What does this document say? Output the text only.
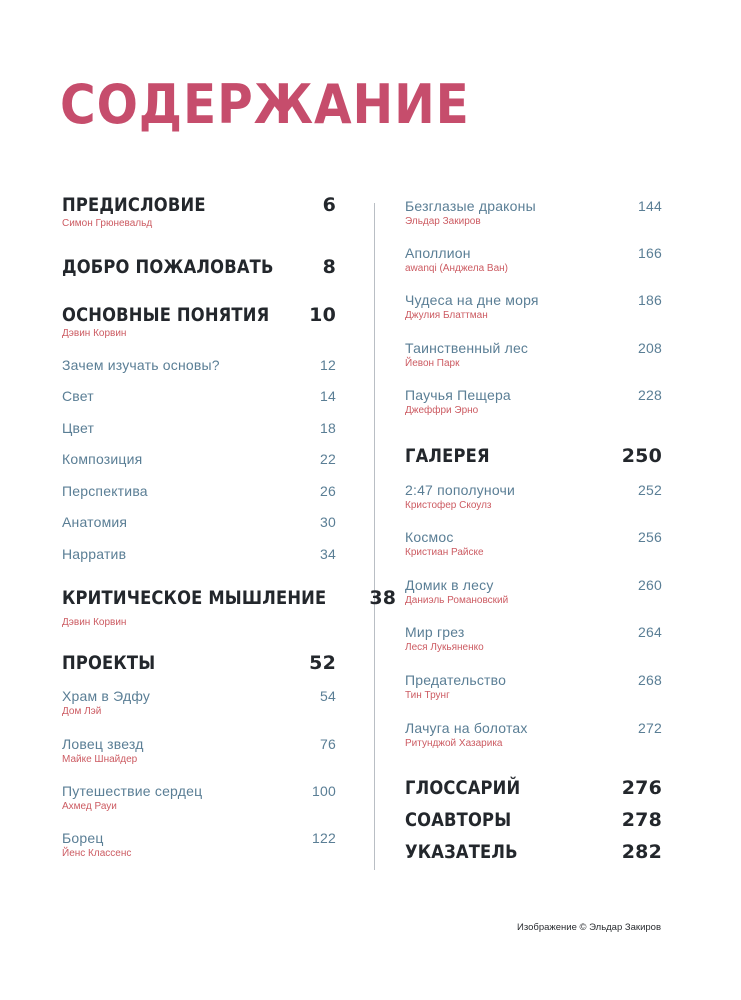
СОДЕРЖАНИЕ
ПРЕДИСЛОВИЕ	6
Симон Грюневальд
ДОБРО ПОЖАЛОВАТЬ	8
ОСНОВНЫЕ ПОНЯТИЯ 10
Дэвин Корвин
Зачем изучать основы?	12
Свет	14
Цвет	18
Композиция	22
Перспектива	26
Анатомия	30
Нарратив	34
КРИТИЧЕСКОЕ МЫШЛЕНИЕ 38
Дэвин Корвин
ПРОЕКТЫ	52
Храм в Эдфу	54
Дом Лэй
Ловец звезд	76
Майке Шнайдер
Путешествие сердец	100
Ахмед Рауи
Борец	122
Йенс Классенс
Безглазые драконы	144
Эльдар Закиров
Аполлион	166
awanqi (Анджела Ван)
Чудеса на дне моря	186
Джулия Блаттман
Таинственный лес	208
Йевон Парк
Паучья Пещера	228
Джеффри Эрно
ГАЛЕРЕЯ	250
2:47 пополуночи	252
Кристофер Скоулз
Космос	256
Кристиан Райске
Домик в лесу	260
Даниэль Романовский
Мир грез	264
Леся Лукьяненко
Предательство	268
Тин Трунг
Лачуга на болотах	272
Ритунджой Хазарика
ГЛОССАРИЙ	276
СОАВТОРЫ	278
УКАЗАТЕЛЬ	282
Изображение © Эльдар Закиров
